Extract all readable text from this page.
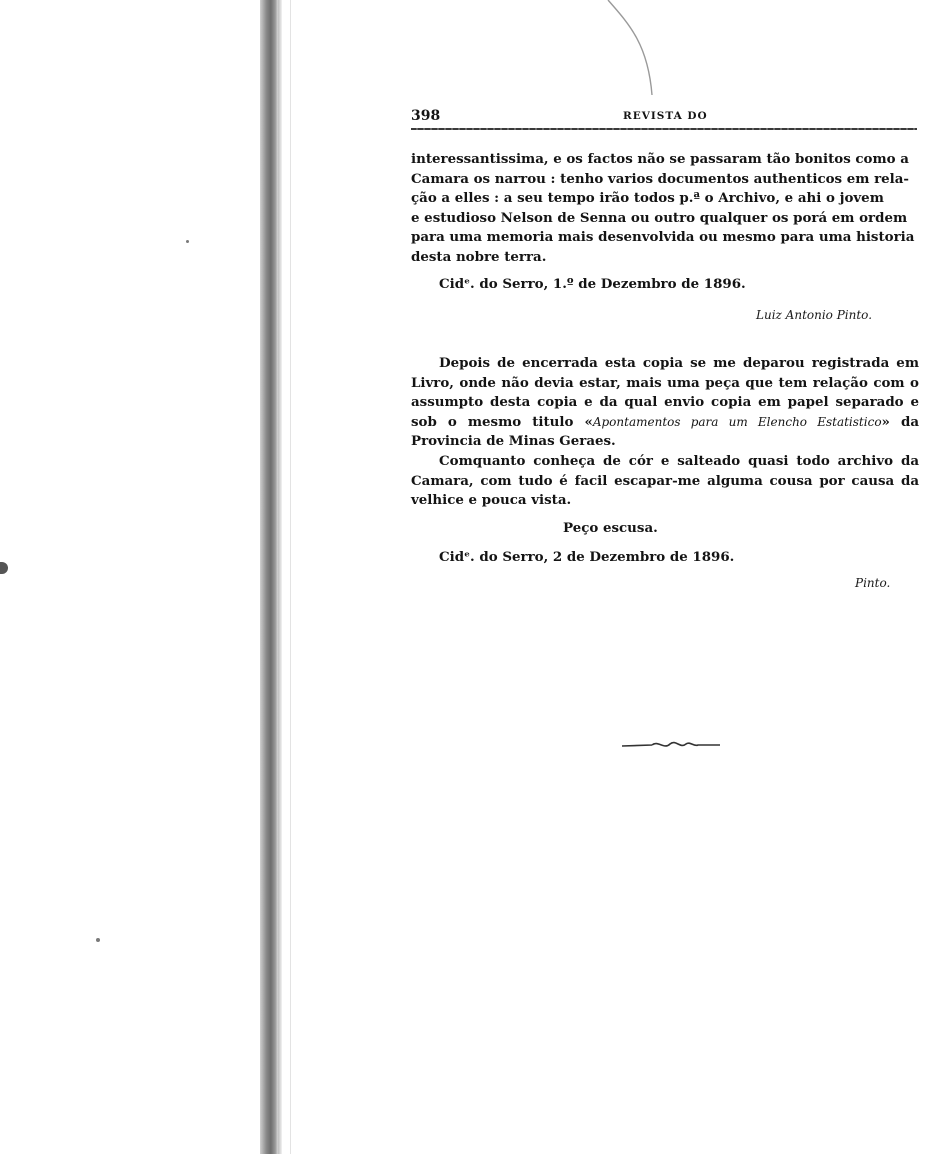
398	REVISTA DO

interessantissima, e os factos não se passaram tão bonitos como a

Camara os narrou : tenho varios documentos authenticos em rela-

ção a elles : a seu tempo irão todos p.ª o Archivo, e ahi o jovem

e estudioso Nelson de Senna ou outro qualquer os porá em ordem

para uma memoria mais desenvolvida ou mesmo para uma historia

desta nobre terra.

Cidᵉ. do Serro, 1.º de Dezembro de 1896.

Luiz Antonio Pinto.

Depois de encerrada esta copia se me deparou registrada em Livro, onde não devia estar, mais uma peça que tem relação com o assumpto desta copia e da qual envio copia em papel separado e sob o mesmo titulo «Apontamentos para um Elencho Estatistico» da Provincia de Minas Geraes.

Comquanto conheça de cór e salteado quasi todo archivo da Camara, com tudo é facil escapar-me alguma cousa por causa da velhice e pouca vista.

Peço escusa.

Cidᵉ. do Serro, 2 de Dezembro de 1896.

Pinto.
